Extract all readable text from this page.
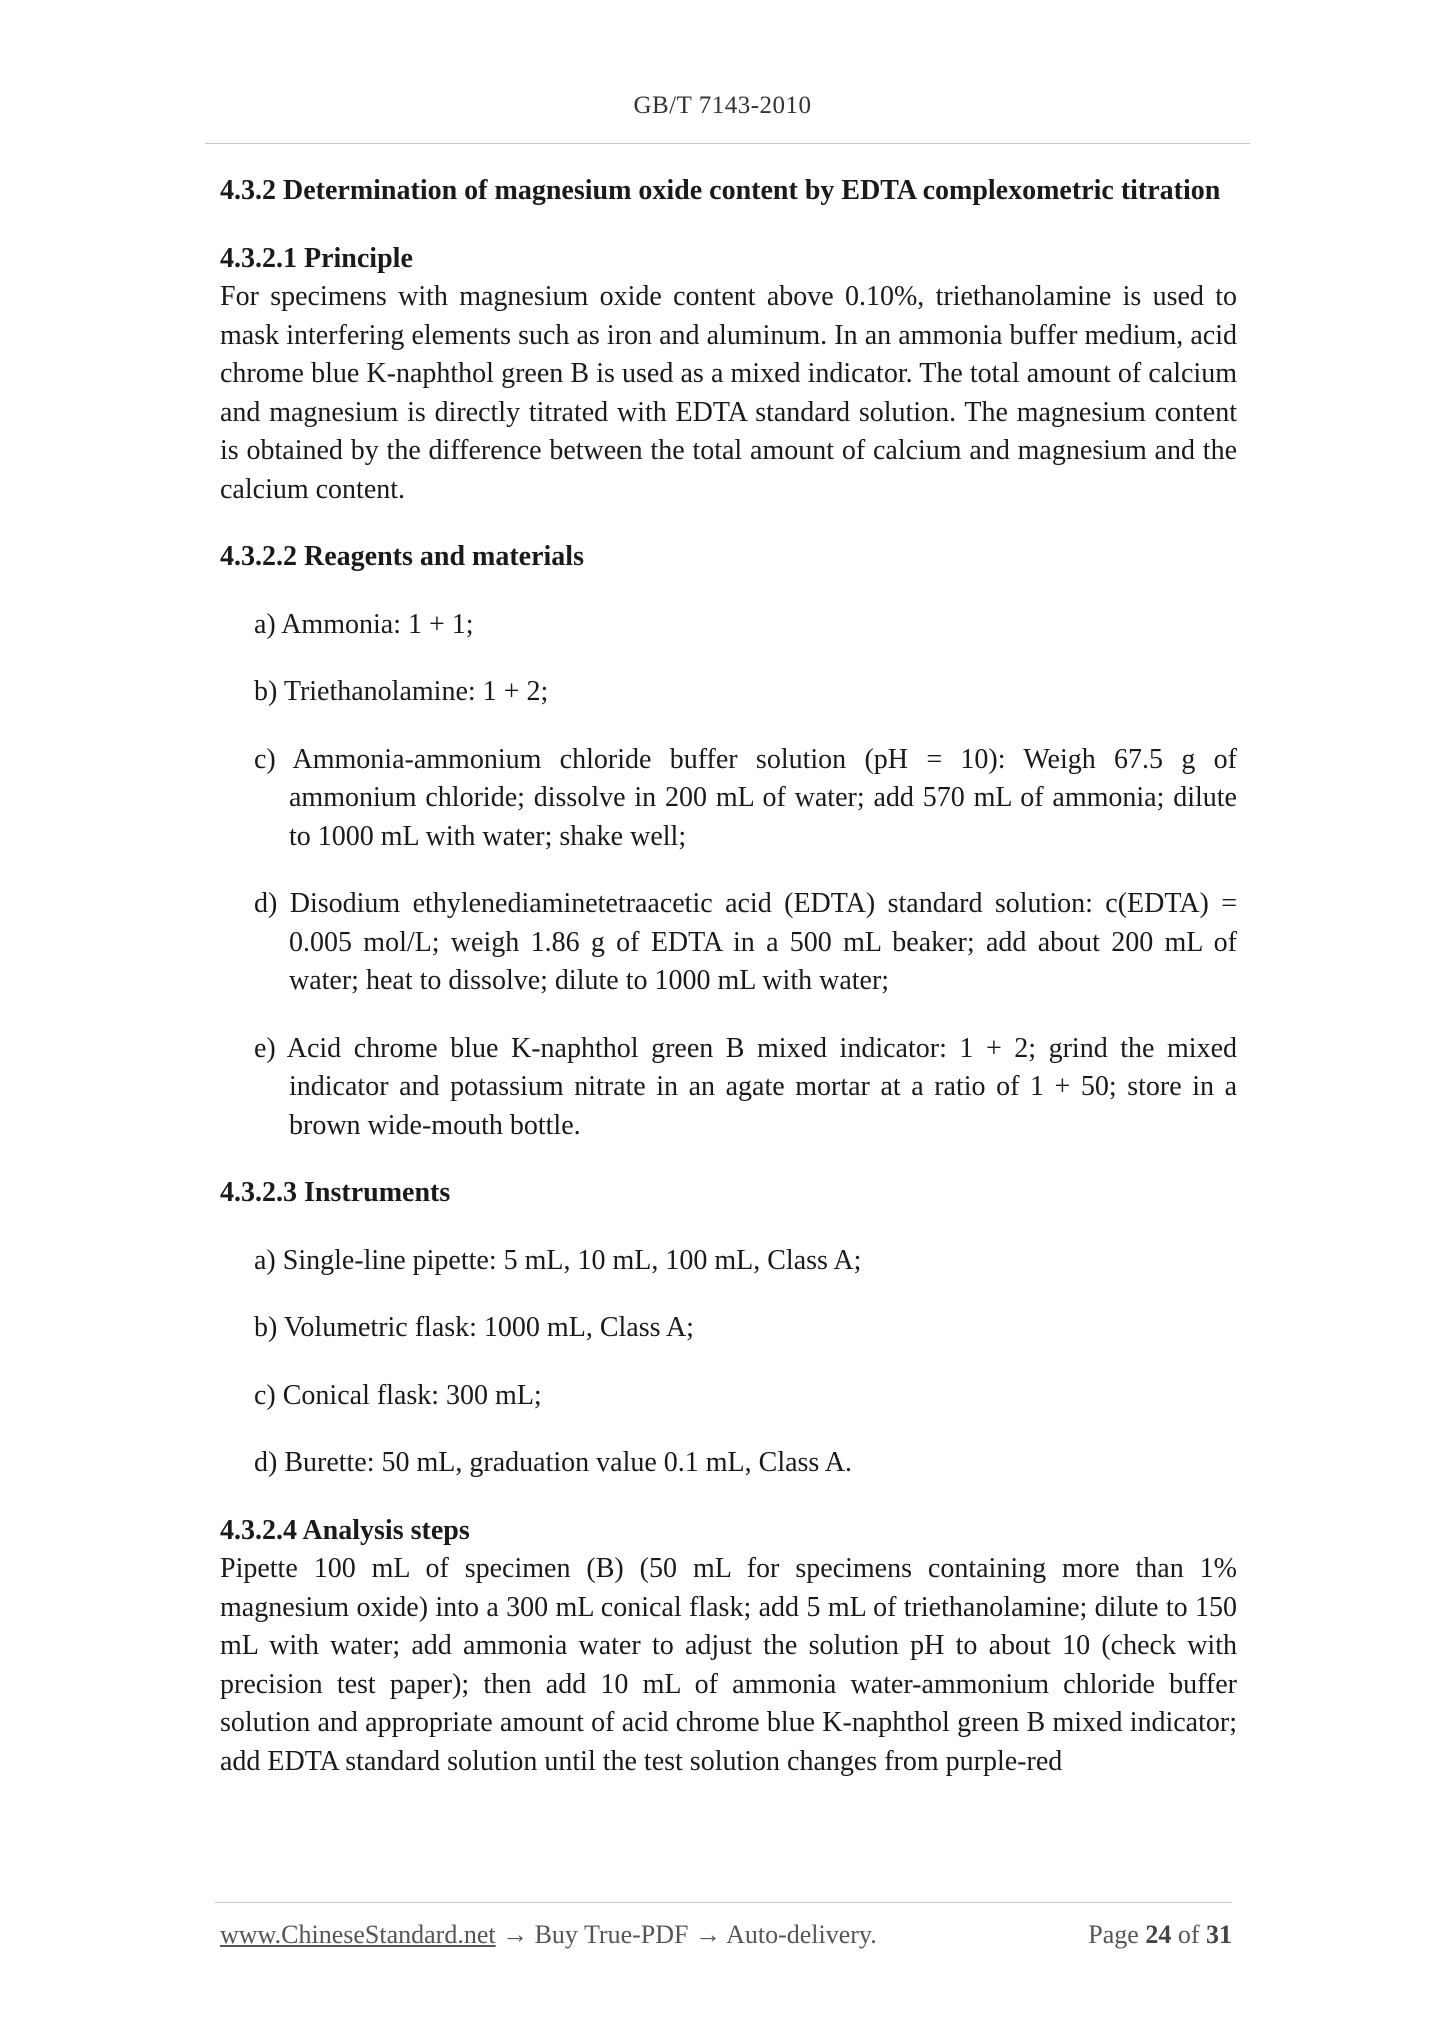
GB/T 7143-2010
4.3.2 Determination of magnesium oxide content by EDTA complexometric titration
4.3.2.1 Principle

For specimens with magnesium oxide content above 0.10%, triethanolamine is used to mask interfering elements such as iron and aluminum. In an ammonia buffer medium, acid chrome blue K-naphthol green B is used as a mixed indicator. The total amount of calcium and magnesium is directly titrated with EDTA standard solution. The magnesium content is obtained by the difference between the total amount of calcium and magnesium and the calcium content.

4.3.2.2 Reagents and materials
a) Ammonia: 1 + 1;
b) Triethanolamine: 1 + 2;
c) Ammonia-ammonium chloride buffer solution (pH = 10): Weigh 67.5 g of ammonium chloride; dissolve in 200 mL of water; add 570 mL of ammonia; dilute to 1000 mL with water; shake well;
d) Disodium ethylenediaminetetraacetic acid (EDTA) standard solution: c(EDTA) = 0.005 mol/L; weigh 1.86 g of EDTA in a 500 mL beaker; add about 200 mL of water; heat to dissolve; dilute to 1000 mL with water;
e) Acid chrome blue K-naphthol green B mixed indicator: 1 + 2; grind the mixed indicator and potassium nitrate in an agate mortar at a ratio of 1 + 50; store in a brown wide-mouth bottle.
4.3.2.3 Instruments
a) Single-line pipette: 5 mL, 10 mL, 100 mL, Class A;
b) Volumetric flask: 1000 mL, Class A;
c) Conical flask: 300 mL;
d) Burette: 50 mL, graduation value 0.1 mL, Class A.
4.3.2.4 Analysis steps

Pipette 100 mL of specimen (B) (50 mL for specimens containing more than 1% magnesium oxide) into a 300 mL conical flask; add 5 mL of triethanolamine; dilute to 150 mL with water; add ammonia water to adjust the solution pH to about 10 (check with precision test paper); then add 10 mL of ammonia water-ammonium chloride buffer solution and appropriate amount of acid chrome blue K-naphthol green B mixed indicator; add EDTA standard solution until the test solution changes from purple-red

www.ChineseStandard.net → Buy True-PDF → Auto-delivery.	Page 24 of 31
